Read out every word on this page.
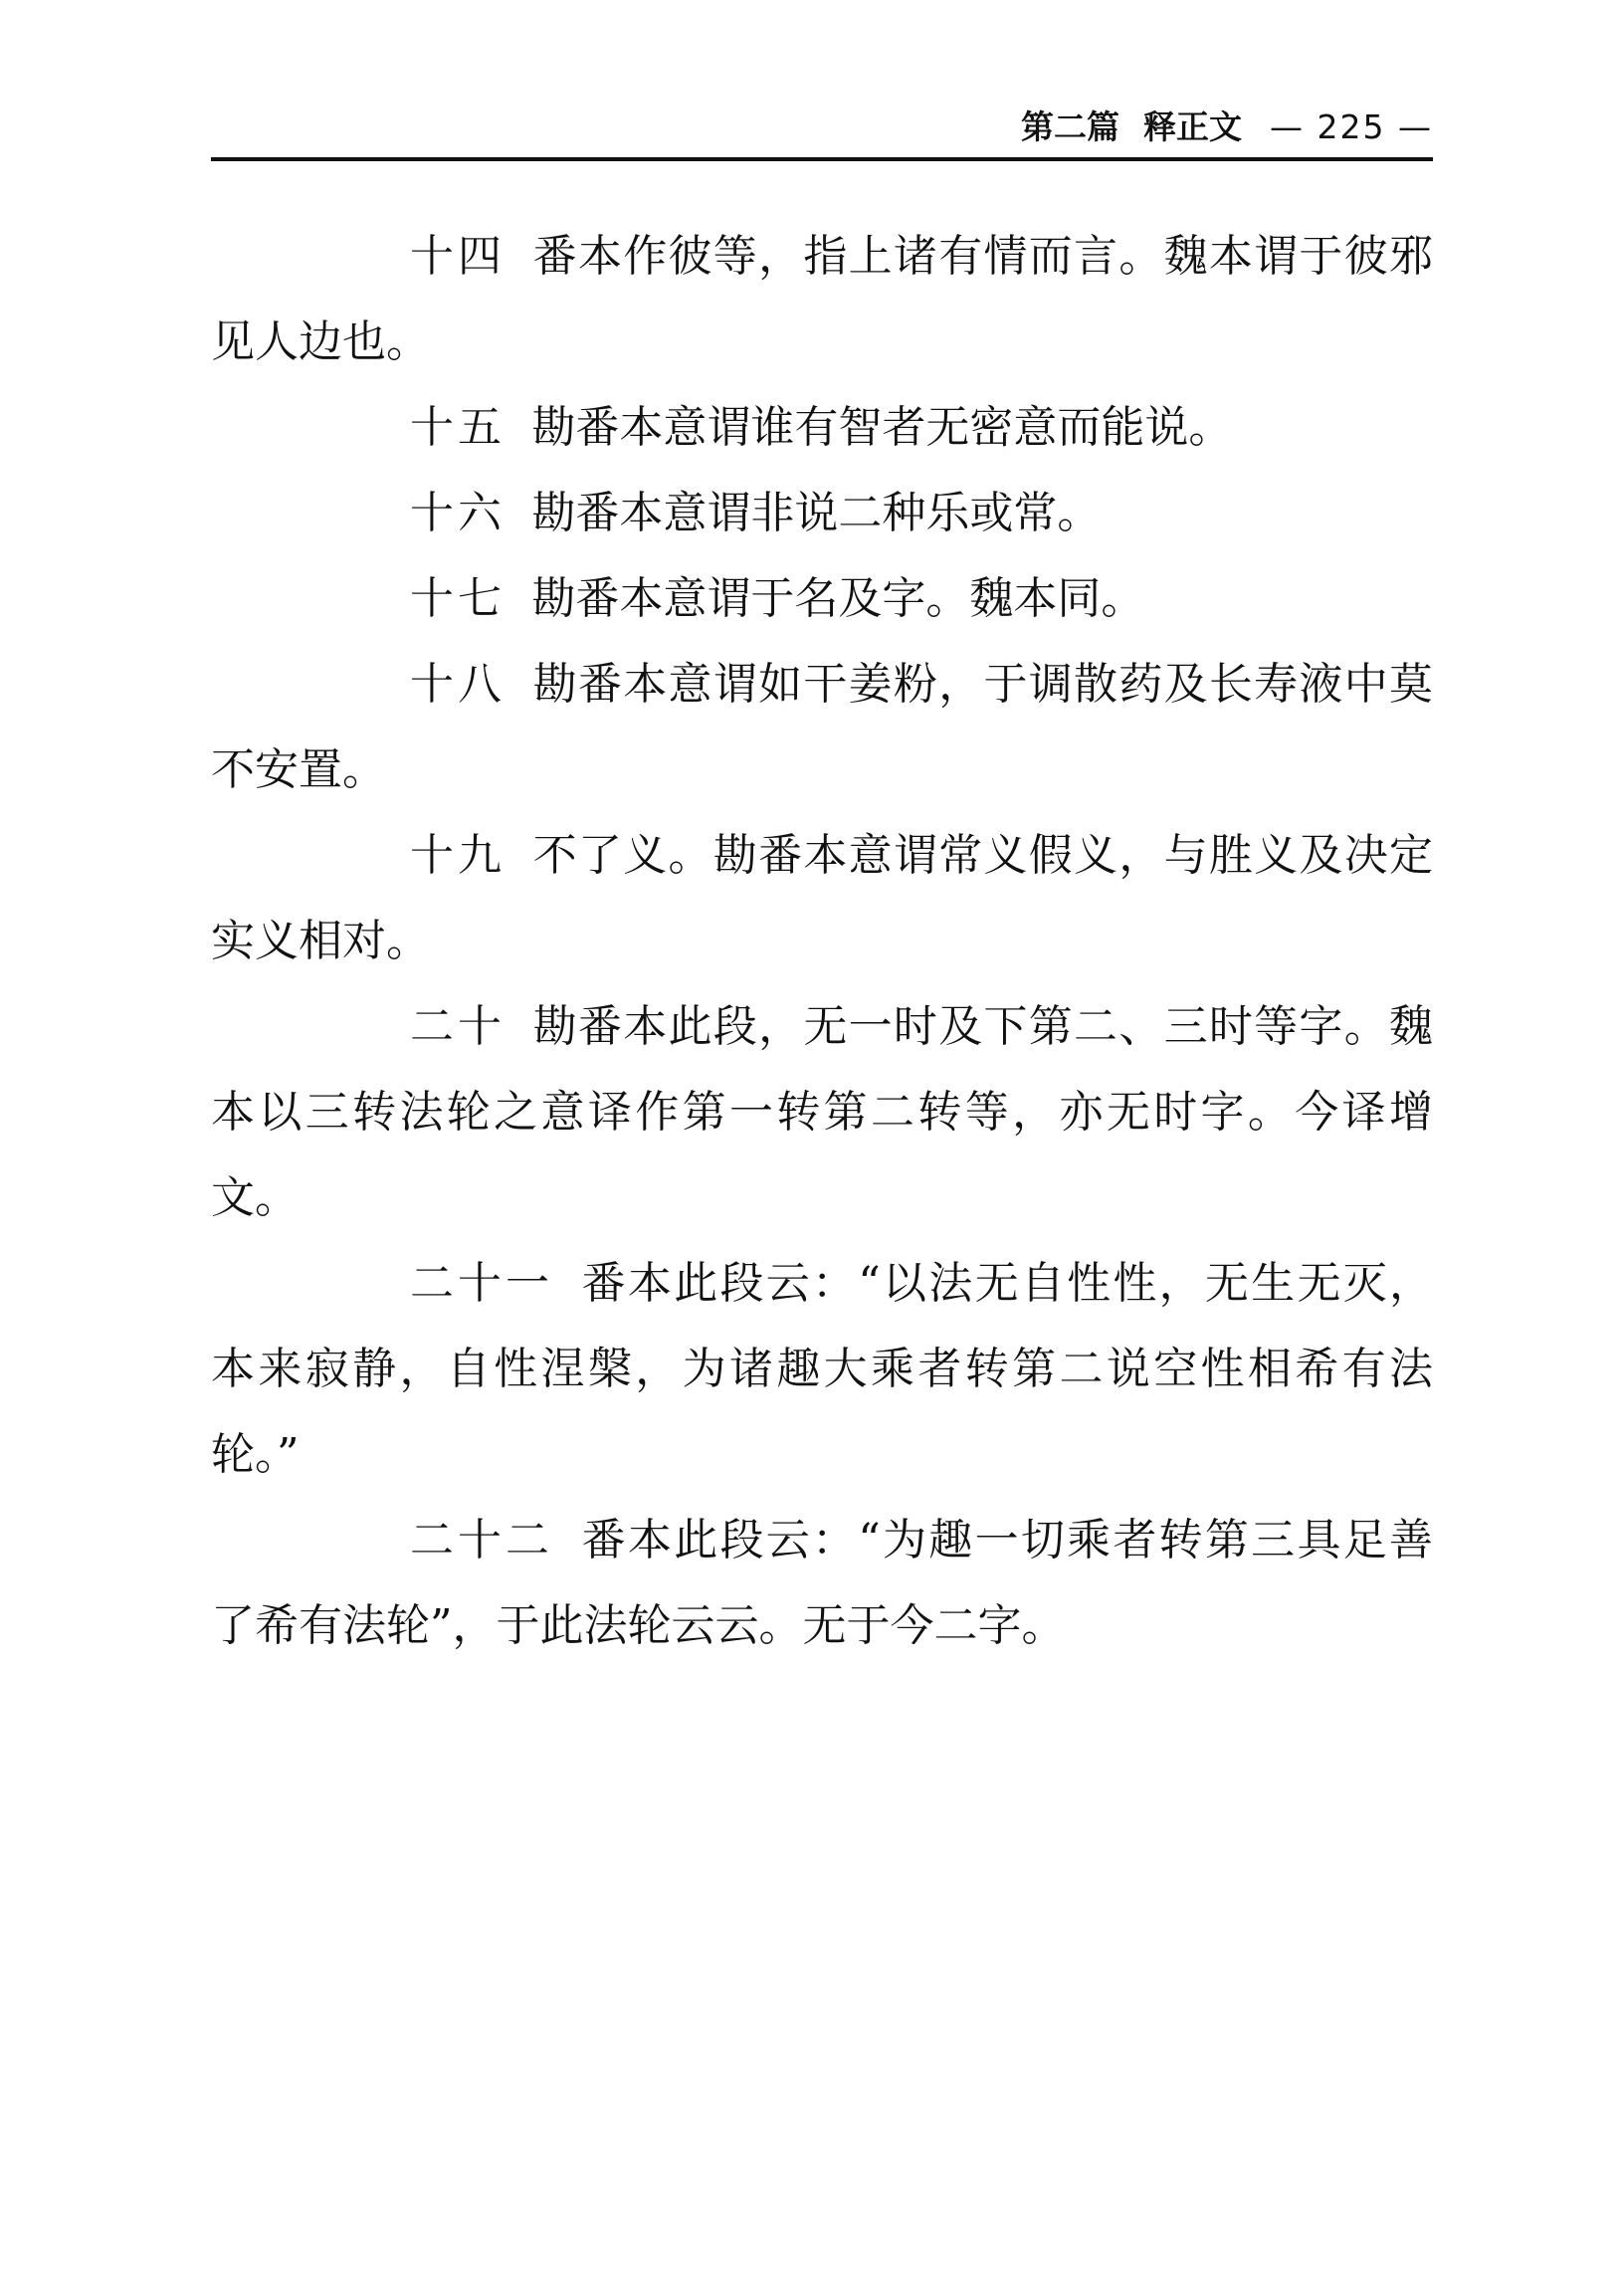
第二篇 释正文 — 225 —

十四 番本作彼等，指上诸有情而言。魏本谓于彼邪见人边也。

十五 勘番本意谓谁有智者无密意而能说。

十六 勘番本意谓非说二种乐或常。

十七 勘番本意谓于名及字。魏本同。

十八 勘番本意谓如干姜粉，于调散药及长寿液中莫不安置。

十九 不了义。勘番本意谓常义假义，与胜义及决定实义相对。

二十 勘番本此段，无一时及下第二、三时等字。魏本以三转法轮之意译作第一转第二转等，亦无时字。今译增文。

二十一 番本此段云：“以法无自性性，无生无灭，本来寂静，自性涅槃，为诸趣大乘者转第二说空性相希有法轮。”

二十二 番本此段云：“为趣一切乘者转第三具足善了希有法轮”，于此法轮云云。无于今二字。
